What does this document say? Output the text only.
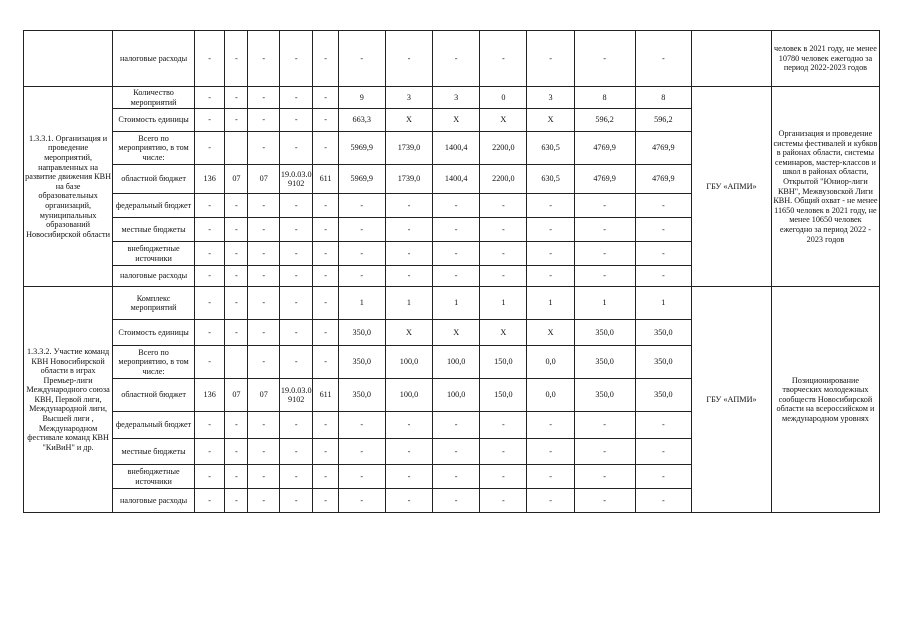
	налоговые расходы	-	-	-	-	-	-	-	-	-	-	-	-		человек в 2021 году, не менее 10780 человек ежегодно за период 2022-2023 годов
1.3.3.1. Организация и проведение мероприятий, направленных на развитие движения КВН на базе образовательных организаций, муниципальных образований Новосибирской области	Количество мероприятий	-	-	-	-	-	9	3	3	0	3	8	8	ГБУ «АПМИ»	Организация и проведение системы фестивалей и кубков в районах области, системы семинаров, мастер-классов и школ в районах области, Открытой "Юниор-лиги КВН", Межвузовской Лиги КВН. Общий охват - не менее 11650 человек в 2021 году, не менее 10650 человек ежегодно за период 2022 - 2023 годов
	Стоимость единицы	-	-	-	-	-	663,3	X	X	X	X	596,2	596,2		
	Всего по мероприятию, в том числе:	-		-	-	-	5969,9	1739,0	1400,4	2200,0	630,5	4769,9	4769,9		
	областной бюджет	136	07	07	19.0.03.0 9102	611	5969,9	1739,0	1400,4	2200,0	630,5	4769,9	4769,9		
	федеральный бюджет	-	-	-	-	-	-	-	-	-	-	-	-		
	местные бюджеты	-	-	-	-	-	-	-	-	-	-	-	-		
	внебюджетные источники	-	-	-	-	-	-	-	-	-	-	-	-		
	налоговые расходы	-	-	-	-	-	-	-	-	-	-	-	-		
1.3.3.2. Участие команд КВН Новосибирской области в играх Премьер-лиги Международного союза КВН, Первой лиги, Международной лиги, Высшей лиги , Международном фестивале команд КВН "КиВиН" и др.	Комплекс мероприятий	-	-	-	-	-	1	1	1	1	1	1	1	ГБУ «АПМИ»	Позиционирование творческих молодежных сообществ Новосибирской области на всероссийском и международном уровнях
	Стоимость единицы	-	-	-	-	-	350,0	X	X	X	X	350,0	350,0		
	Всего по мероприятию, в том числе:	-		-	-	-	350,0	100,0	100,0	150,0	0,0	350,0	350,0		
	областной бюджет	136	07	07	19.0.03.0 9102	611	350,0	100,0	100,0	150,0	0,0	350,0	350,0		
	федеральный бюджет	-	-	-	-	-	-	-	-	-	-	-	-		
	местные бюджеты	-	-	-	-	-	-	-	-	-	-	-	-		
	внебюджетные источники	-	-	-	-	-	-	-	-	-	-	-	-		
	налоговые расходы	-	-	-	-	-	-	-	-	-	-	-	-		
